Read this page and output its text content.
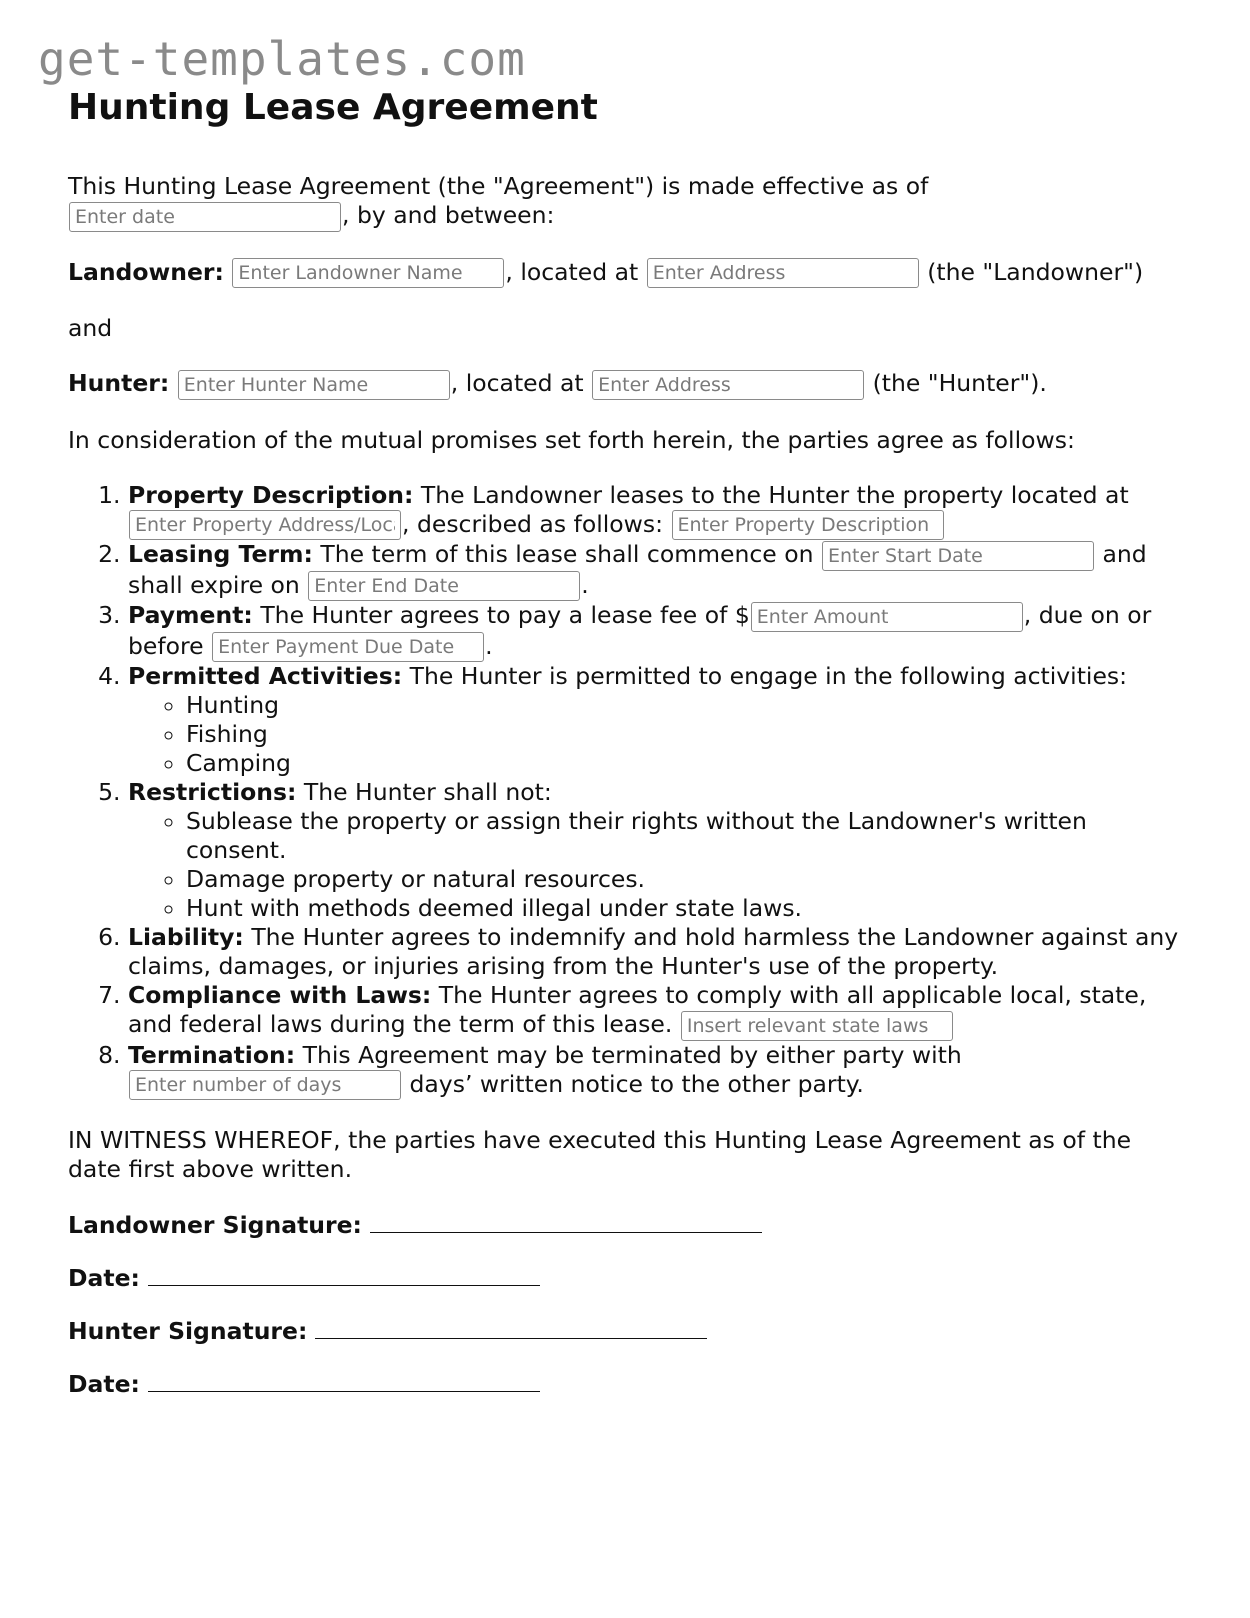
get-templates.com
Hunting Lease Agreement

This Hunting Lease Agreement (the "Agreement") is made effective as of
Enter date, by and between:

Landowner: Enter Landowner Name	, located at Enter Address	(the "Landowner")

and

Hunter: Enter Hunter Name	, located at Enter Address	(the "Hunter").

In consideration of the mutual promises set forth herein, the parties agree as follows:

1. Property Description: The Landowner leases to the Hunter the property located at Enter Property Address/Location, described as follows: Enter Property Description
2. Leasing Term: The term of this lease shall commence on Enter Start Date	and shall expire on Enter End Date	.
3. Payment: The Hunter agrees to pay a lease fee of $Enter Amount	, due on or before Enter Payment Due Date	.
4. Permitted Activities: The Hunter is permitted to engage in the following activities:
◦ Hunting
◦ Fishing
◦ Camping
5. Restrictions: The Hunter shall not:
◦ Sublease the property or assign their rights without the Landowner's written consent.
◦ Damage property or natural resources.
◦ Hunt with methods deemed illegal under state laws.
6. Liability: The Hunter agrees to indemnify and hold harmless the Landowner against any claims, damages, or injuries arising from the Hunter's use of the property.
7. Compliance with Laws: The Hunter agrees to comply with all applicable local, state, and federal laws during the term of this lease. Insert relevant state laws
8. Termination: This Agreement may be terminated by either party with Enter number of days days’ written notice to the other party.

IN WITNESS WHEREOF, the parties have executed this Hunting Lease Agreement as of the date first above written.

Landowner Signature:
Date:
Hunter Signature:
Date:
